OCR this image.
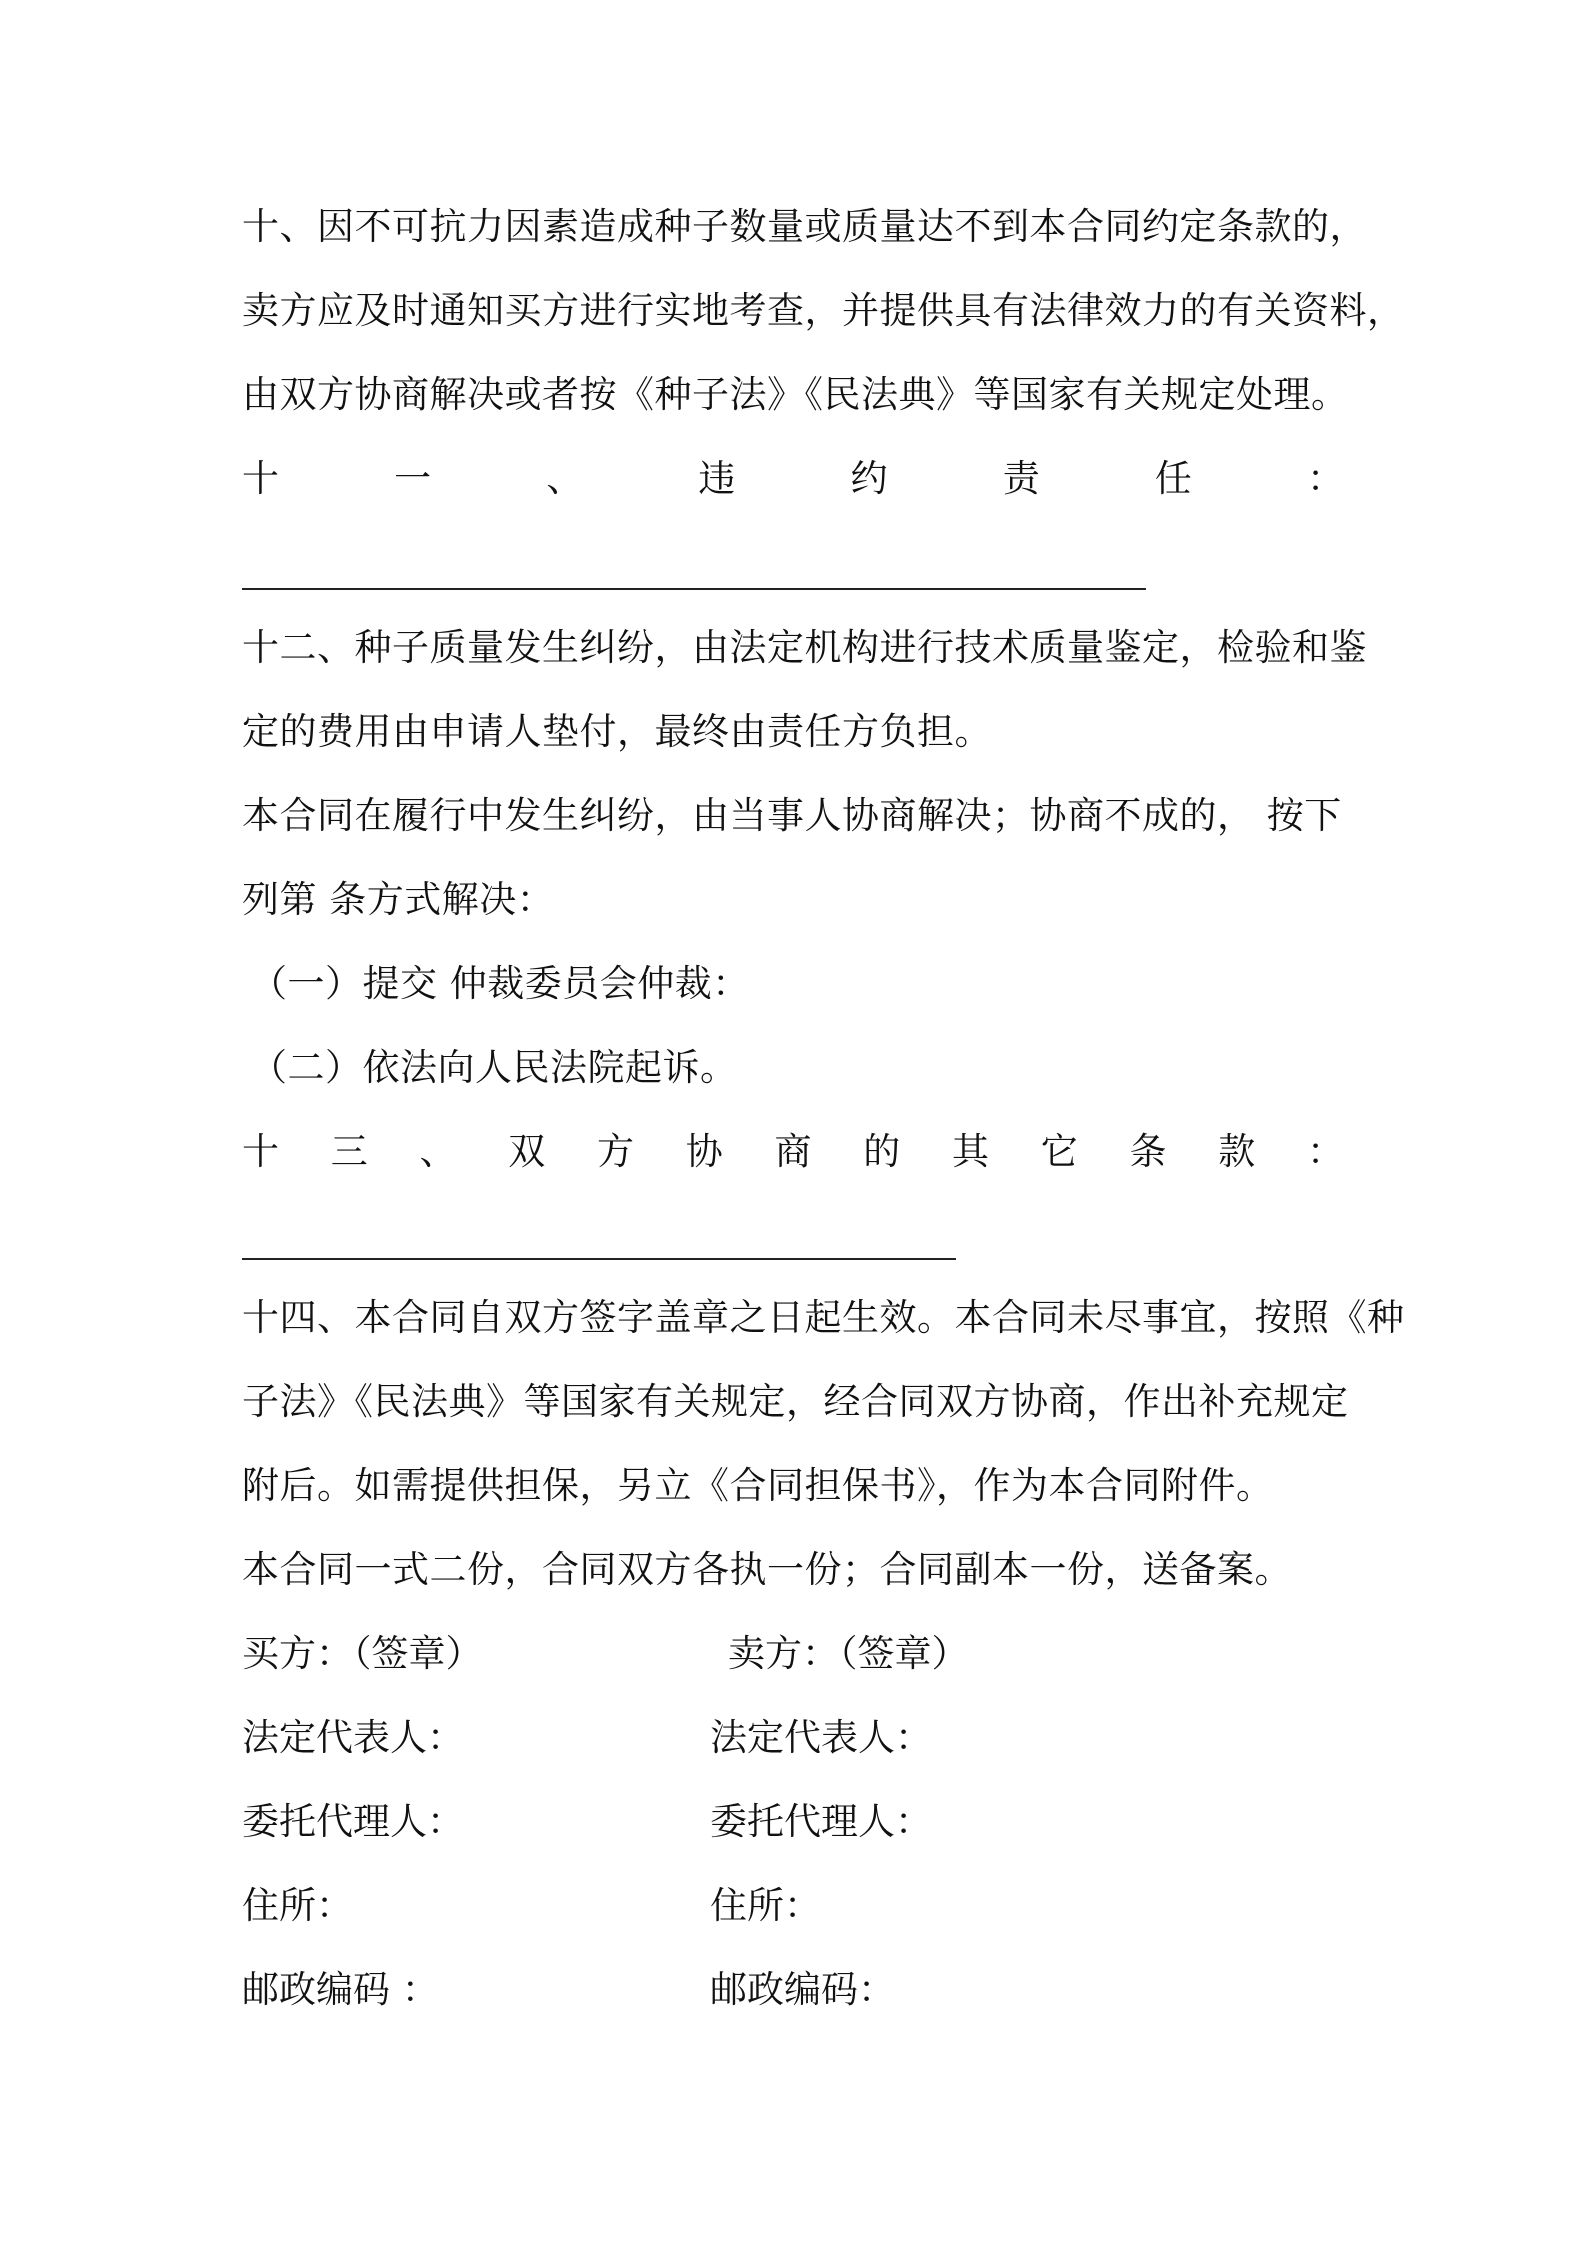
十、因不可抗力因素造成种子数量或质量达不到本合同约定条款的，
卖方应及时通知买方进行实地考查，并提供具有法律效力的有关资料，
由双方协商解决或者按《种子法》《民法典》等国家有关规定处理。
十	一	、	违	约	责	任	：
十二、种子质量发生纠纷，由法定机构进行技术质量鉴定，检验和鉴
定的费用由申请人垫付，最终由责任方负担。
本合同在履行中发生纠纷，由当事人协商解决；协商不成的， 按下
列第 条方式解决：
（一）提交 仲裁委员会仲裁：
（二）依法向人民法院起诉。
十 三 、 双 方 协 商 的 其 它 条 款 ：
十四、本合同自双方签字盖章之日起生效。本合同未尽事宜，按照《种
子法》《民法典》等国家有关规定，经合同双方协商，作出补充规定
附后。如需提供担保，另立《合同担保书》，作为本合同附件。
本合同一式二份，合同双方各执一份；合同副本一份，送备案。
买方：（签章）	卖方：（签章）
法定代表人：	法定代表人：
委托代理人：	委托代理人：
住所：	住所：
邮政编码 ：	邮政编码：
